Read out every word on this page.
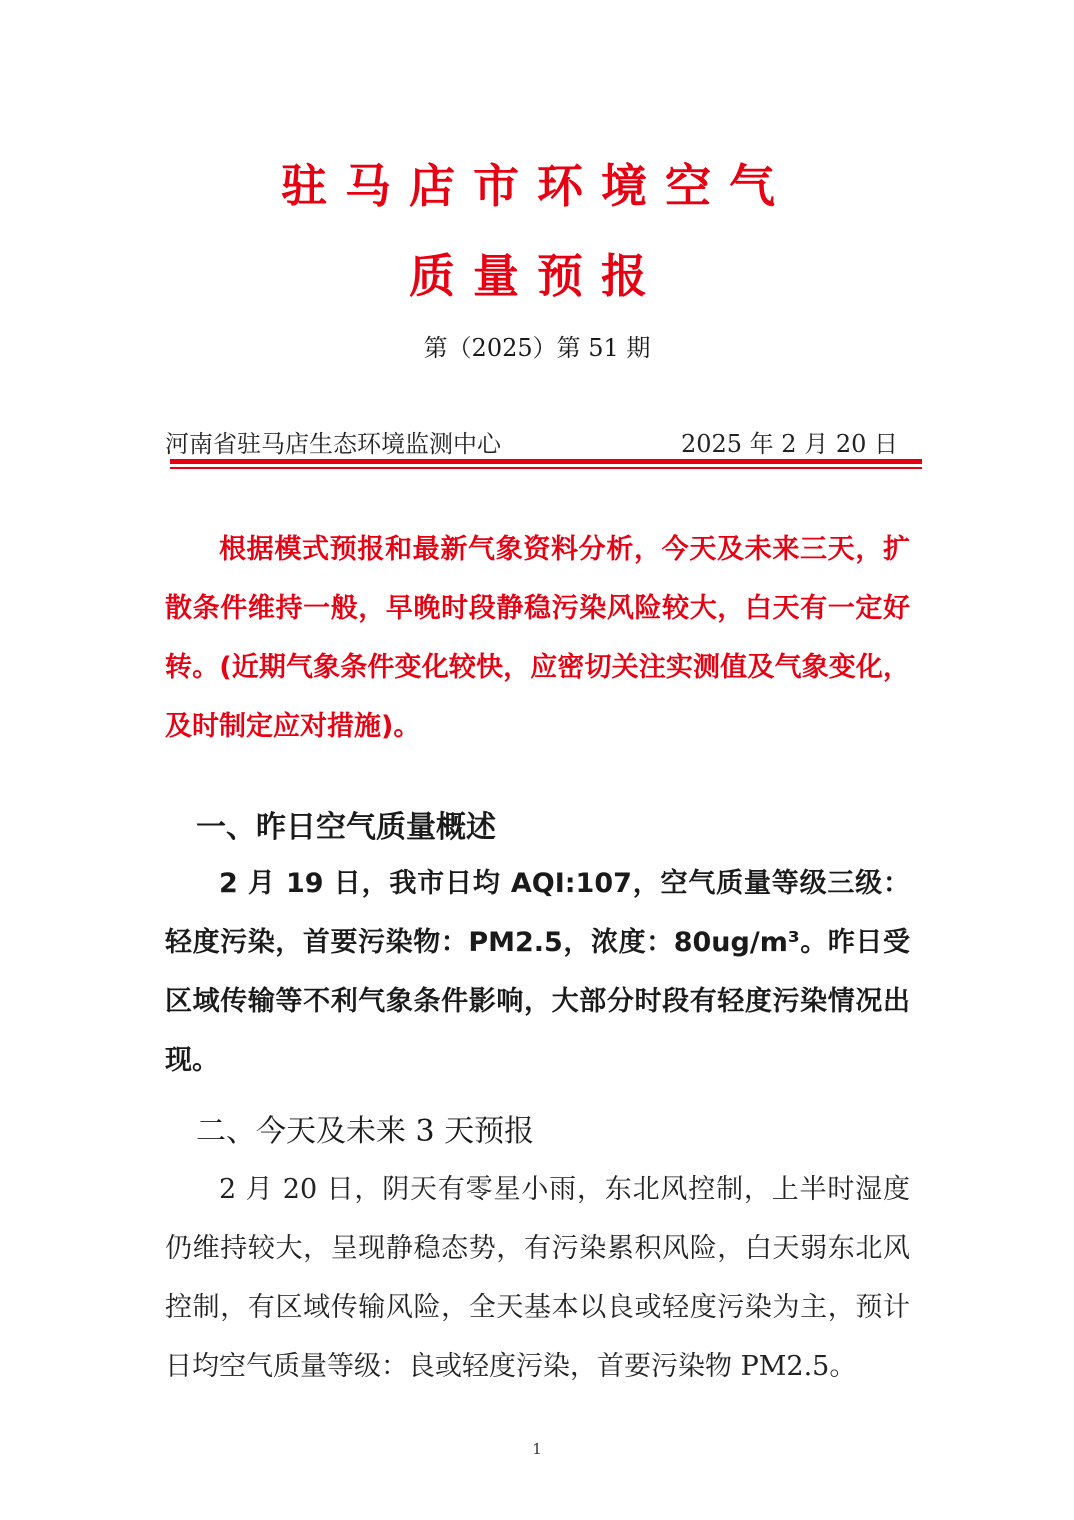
驻马店市环境空气
质量预报
第（2025）第 51 期
河南省驻马店生态环境监测中心	2025 年 2 月 20 日

根据模式预报和最新气象资料分析，今天及未来三天，扩散条件维持一般，早晚时段静稳污染风险较大，白天有一定好转。(近期气象条件变化较快，应密切关注实测值及气象变化，及时制定应对措施)。

一、昨日空气质量概述

2 月 19 日，我市日均 AQI:107，空气质量等级三级：轻度污染，首要污染物：PM2.5，浓度：80ug/m³。昨日受区域传输等不利气象条件影响，大部分时段有轻度污染情况出现。

二、今天及未来 3 天预报

2 月 20 日，阴天有零星小雨，东北风控制，上半时湿度仍维持较大，呈现静稳态势，有污染累积风险，白天弱东北风控制，有区域传输风险，全天基本以良或轻度污染为主，预计日均空气质量等级：良或轻度污染，首要污染物 PM2.5。

1
